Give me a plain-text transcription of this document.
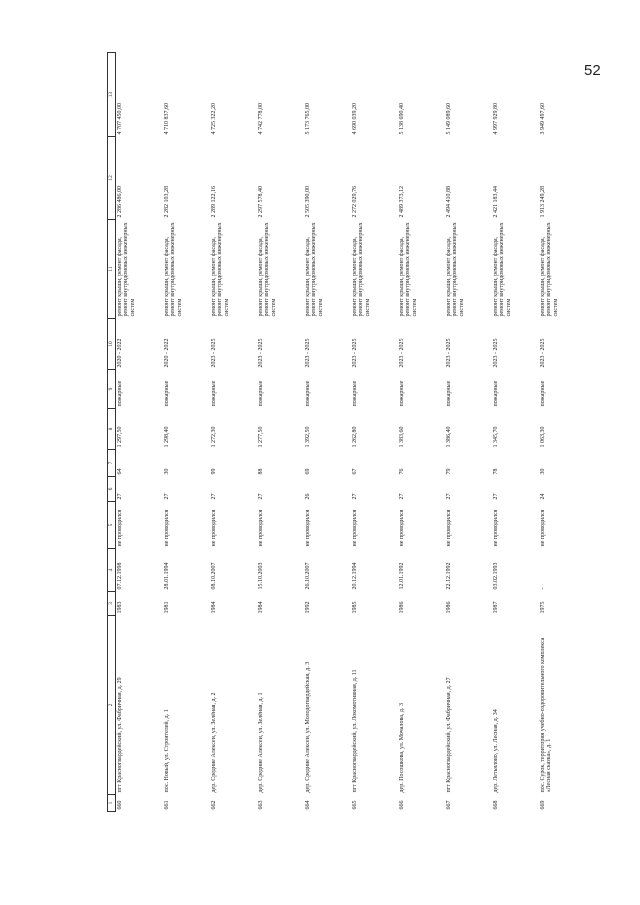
52
1	2	3	4	5	6	7	8	9	10	11	12	13
660	пгт Красногвардейский, ул. Фабричная, д. 29	1983	07.12.1998	не проводился	27	64	1 297,50	пожарные	2020 - 2022	ремонт крыши, ремонт фасада, ремонт внутридомовых инженерных систем	2 286 486,00	4 707 450,00
661	пос. Новый, ул. Строителей, д. 1	1981	28.01.1994	не проводился	27	30	1 298,40	пожарные	2020 - 2022	ремонт крыши, ремонт фасада, ремонт внутридомовых инженерных систем	2 282 103,28	4 710 837,60
662	дер. Средние Алексеи, ул. Зелёная, д. 2	1984	08.10.2007	не проводился	27	99	1 272,30	пожарные	2023 - 2025	ремонт крыши, ремонт фасада, ремонт внутридомовых инженерных систем	2 289 122,16	4 725 322,20
663	дер. Средние Алексеи, ул. Зелёная, д. 1	1984	15.10.2003	не проводился	27	88	1 277,50	пожарные	2023 - 2025	ремонт крыши, ремонт фасада, ремонт внутридомовых инженерных систем	2 297 578,40	4 742 778,00
664	дер. Средние Алексеи, ул. Молодогвардейская, д. 3	1992	26.10.2007	не проводился	26	69	1 392,50	пожарные	2023 - 2025	ремонт крыши, ремонт фасада, ремонт внутридомовых инженерных систем	2 505 390,00	5 173 765,00
665	пгт Красногвардейский, ул. Локомотивная, д. 11	1985	20.12.1994	не проводился	27	67	1 262,80	пожарные	2023 - 2025	ремонт крыши, ремонт фасада, ремонт внутридомовых инженерных систем	2 272 029,76	4 690 039,20
666	дер. Посошкова, ул. Мочалова, д. 3	1986	12.01.1992	не проводился	27	76	1 383,60	пожарные	2023 - 2025	ремонт крыши, ремонт фасада, ремонт внутридомовых инженерных систем	2 489 373,12	5 138 690,40
667	пгт Красногвардейский, ул. Фабричная, д. 27	1986	22.12.1992	не проводился	27	79	1 386,40	пожарные	2023 - 2025	ремонт крыши, ремонт фасада, ремонт внутридомовых инженерных систем	2 494 410,88	5 149 089,60
668	дер. Летьялово, ул. Лесная, д. 34	1987	03.02.1993	не проводился	27	78	1 345,70	пожарные	2023 - 2025	ремонт крыши, ремонт фасада, ремонт внутридомовых инженерных систем	2 421 183,44	4 997 929,80
669	пос. Сурок, территория учебно-оздоровительного комплекса «Лесная сказка», д. 1	1975	-	не проводился	24	30	1 063,30	пожарные	2023 - 2025	ремонт крыши, ремонт фасада, ремонт внутридомовых инженерных систем	1 913 249,28	3 949 497,60
